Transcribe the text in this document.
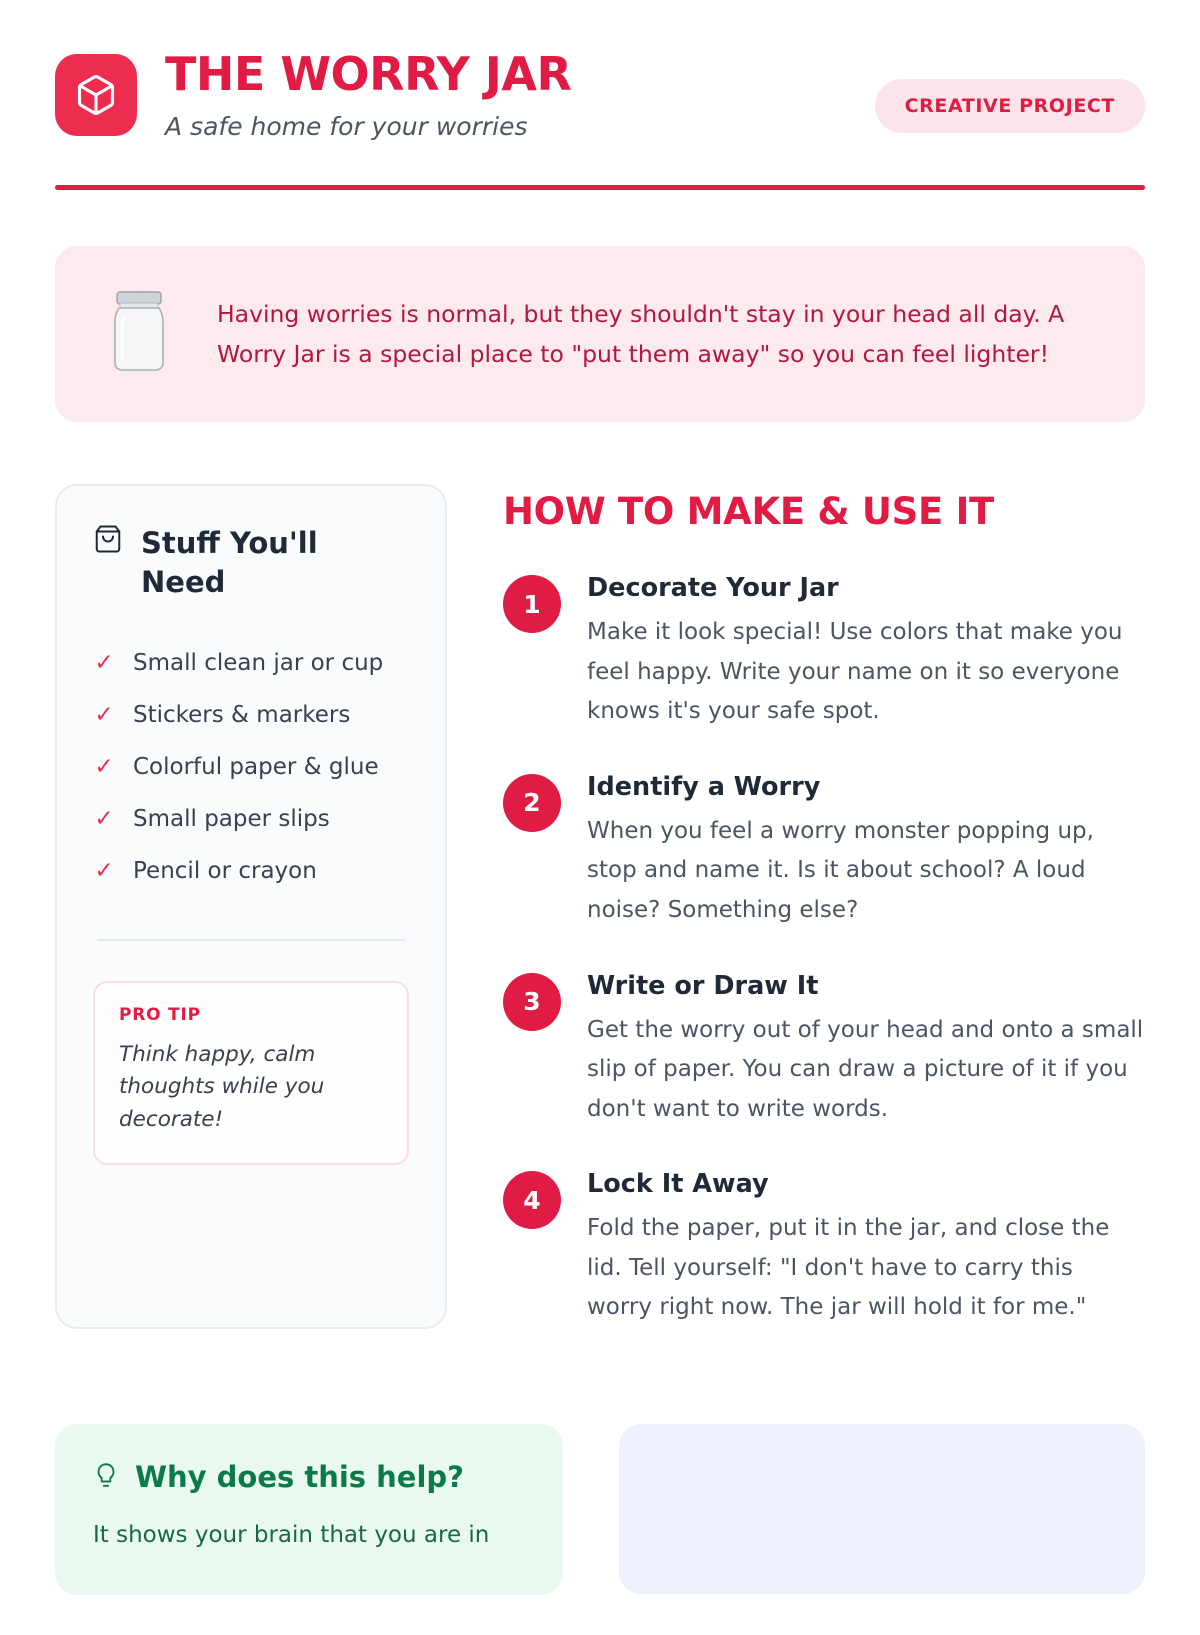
THE WORRY JAR
A safe home for your worries
CREATIVE PROJECT
Having worries is normal, but they shouldn't stay in your head all day. A Worry Jar is a special place to "put them away" so you can feel lighter!
Stuff You'll Need
✓ Small clean jar or cup
✓ Stickers & markers
✓ Colorful paper & glue
✓ Small paper slips
✓ Pencil or crayon
PRO TIP
Think happy, calm thoughts while you decorate!
HOW TO MAKE & USE IT
1
Decorate Your Jar
Make it look special! Use colors that make you feel happy. Write your name on it so everyone knows it's your safe spot.
2
Identify a Worry
When you feel a worry monster popping up, stop and name it. Is it about school? A loud noise? Something else?
3
Write or Draw It
Get the worry out of your head and onto a small slip of paper. You can draw a picture of it if you don't want to write words.
4
Lock It Away
Fold the paper, put it in the jar, and close the lid. Tell yourself: "I don't have to carry this worry right now. The jar will hold it for me."
Why does this help?
It shows your brain that you are in
